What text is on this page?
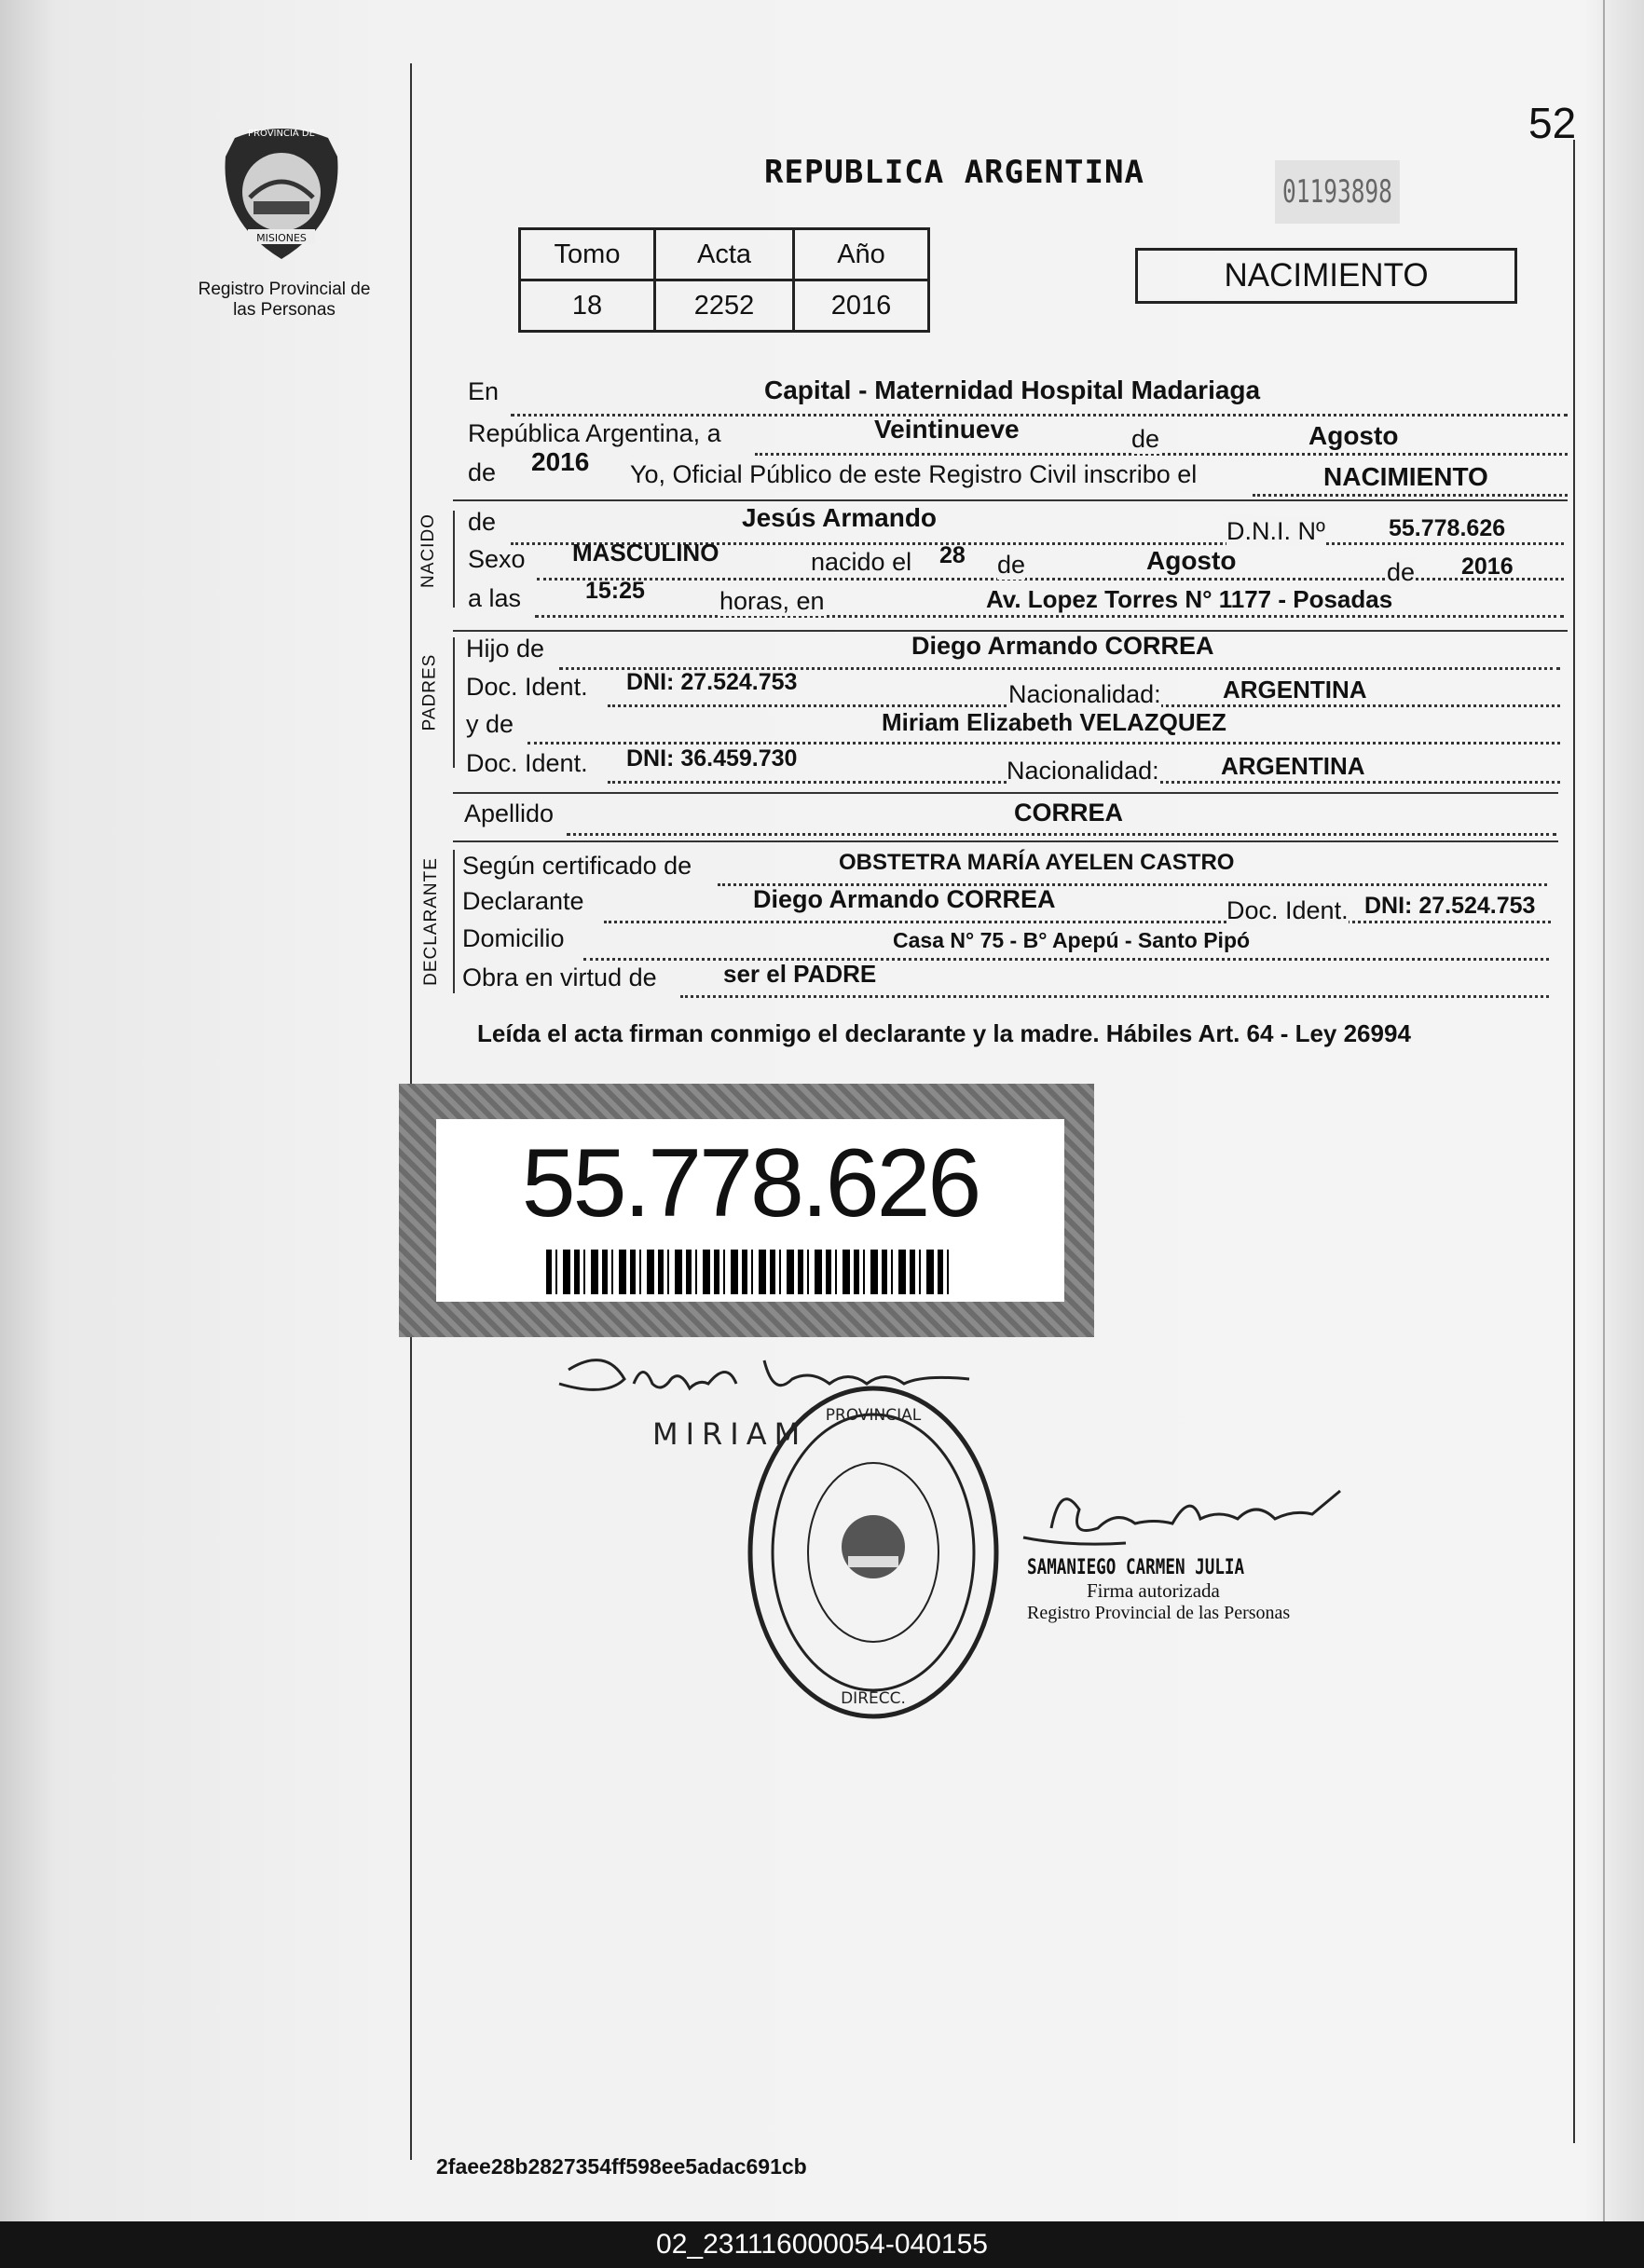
PROVINCIA DE
MISIONES
Registro Provincial de las Personas
REPUBLICA ARGENTINA
01193898
52
Tomo	Acta	Año
18	2252	2016
NACIMIENTO
En	Capital - Maternidad Hospital Madariaga
República Argentina, a	Veintinueve	de	Agosto
de 2016 Yo, Oficial Público de este Registro Civil inscribo el	NACIMIENTO
NACIDO de	Jesús Armando	D.N.I. Nº	55.778.626
Sexo MASCULINO	nacido el 28 de	Agosto	de 2016
a las	15:25	horas, en	Av. Lopez Torres N° 1177 - Posadas
PADRES
Hijo de	Diego Armando CORREA
Doc. Ident. DNI: 27.524.753	Nacionalidad:	ARGENTINA
y de	Miriam Elizabeth VELAZQUEZ
Doc. Ident. DNI: 36.459.730	Nacionalidad:	ARGENTINA
Apellido	CORREA
DECLARANTE Según certificado de	OBSTETRA MARÍA AYELEN CASTRO
Declarante	Diego Armando CORREA	Doc. Ident. DNI: 27.524.753
Domicilio	Casa N° 75 - B° Apepú - Santo Pipó
Obra en virtud de	ser el PADRE
Leída el acta firman conmigo el declarante y la madre. Hábiles Art. 64 - Ley 26994
55.778.626
MIRIAM
PROVINCIAL
DIRECC.
SAMANIEGO CARMEN JULIA
Firma autorizada
Registro Provincial de las Personas
2faee28b2827354ff598ee5adac691cb
02_231116000054-040155
